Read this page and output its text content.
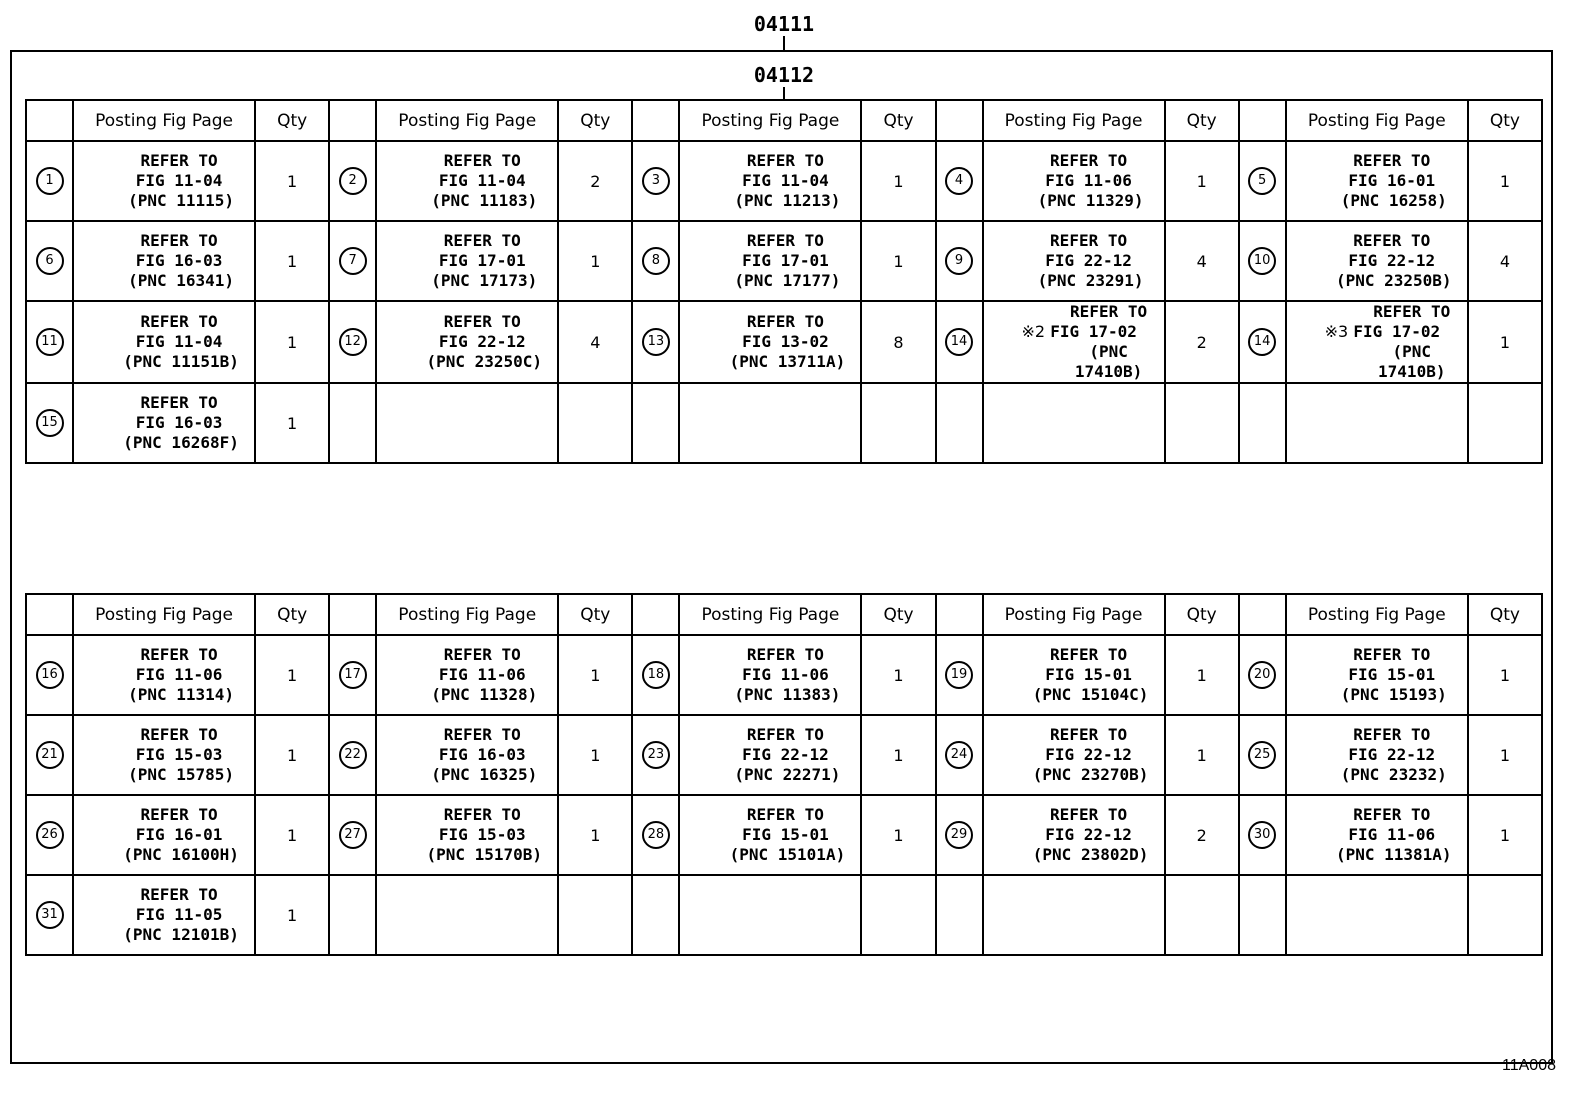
04111
04112
	Posting Fig Page	Qty		Posting Fig Page	Qty		Posting Fig Page	Qty		Posting Fig Page	Qty		Posting Fig Page	Qty
1	REFER TO
FIG 11-04
(PNC 11115)	1	2	REFER TO
FIG 11-04
(PNC 11183)	2	3	REFER TO
FIG 11-04
(PNC 11213)	1	4	REFER TO
FIG 11-06
(PNC 11329)	1	5	REFER TO
FIG 16-01
(PNC 16258)	1
6	REFER TO
FIG 16-03
(PNC 16341)	1	7	REFER TO
FIG 17-01
(PNC 17173)	1	8	REFER TO
FIG 17-01
(PNC 17177)	1	9	REFER TO
FIG 22-12
(PNC 23291)	4	10	REFER TO
FIG 22-12
(PNC 23250B)	4
11	REFER TO
FIG 11-04
(PNC 11151B)	1	12	REFER TO
FIG 22-12
(PNC 23250C)	4	13	REFER TO
FIG 13-02
(PNC 13711A)	8	14	REFER TO
※2 FIG 17-02
(PNC 17410B)	2	14	REFER TO
※3 FIG 17-02
(PNC 17410B)	1
15	REFER TO
FIG 16-03
(PNC 16268F)	1												
	Posting Fig Page	Qty		Posting Fig Page	Qty		Posting Fig Page	Qty		Posting Fig Page	Qty		Posting Fig Page	Qty
16	REFER TO
FIG 11-06
(PNC 11314)	1	17	REFER TO
FIG 11-06
(PNC 11328)	1	18	REFER TO
FIG 11-06
(PNC 11383)	1	19	REFER TO
FIG 15-01
(PNC 15104C)	1	20	REFER TO
FIG 15-01
(PNC 15193)	1
21	REFER TO
FIG 15-03
(PNC 15785)	1	22	REFER TO
FIG 16-03
(PNC 16325)	1	23	REFER TO
FIG 22-12
(PNC 22271)	1	24	REFER TO
FIG 22-12
(PNC 23270B)	1	25	REFER TO
FIG 22-12
(PNC 23232)	1
26	REFER TO
FIG 16-01
(PNC 16100H)	1	27	REFER TO
FIG 15-03
(PNC 15170B)	1	28	REFER TO
FIG 15-01
(PNC 15101A)	1	29	REFER TO
FIG 22-12
(PNC 23802D)	2	30	REFER TO
FIG 11-06
(PNC 11381A)	1
31	REFER TO
FIG 11-05
(PNC 12101B)	1												
11A008
